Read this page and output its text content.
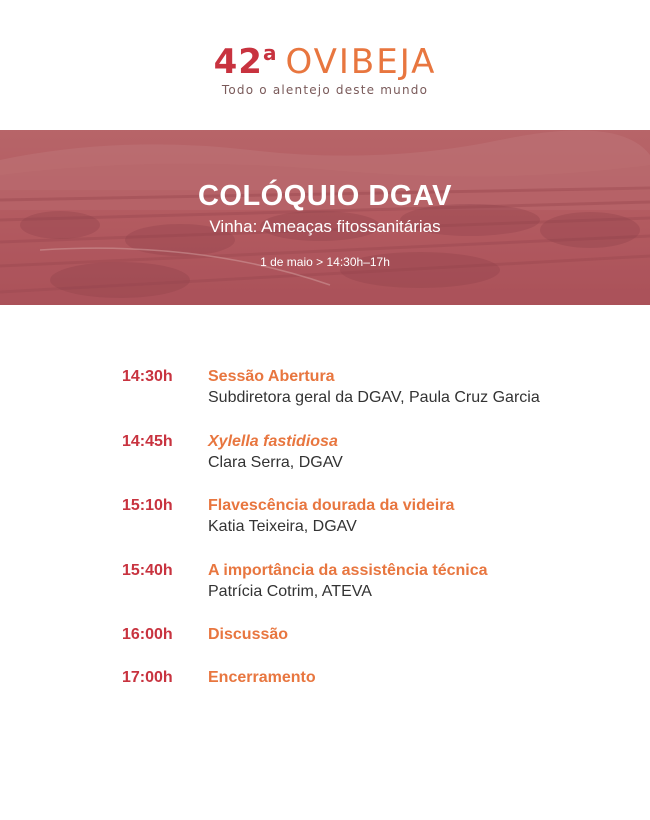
42$^a$ OVIBEJA
Todo o alentejo deste mundo
COLÓQUIO DGAV
Vinha: Ameaças fitossanitárias
1 de maio > 14:30h–17h
14:30h Sessão Abertura
Subdiretora geral da DGAV, Paula Cruz Garcia
14:45h Xylella fastidiosa
Clara Serra, DGAV
15:10h Flavescência dourada da videira
Katia Teixeira, DGAV
15:40h A importância da assistência técnica
Patrícia Cotrim, ATEVA
16:00h Discussão
17:00h Encerramento
